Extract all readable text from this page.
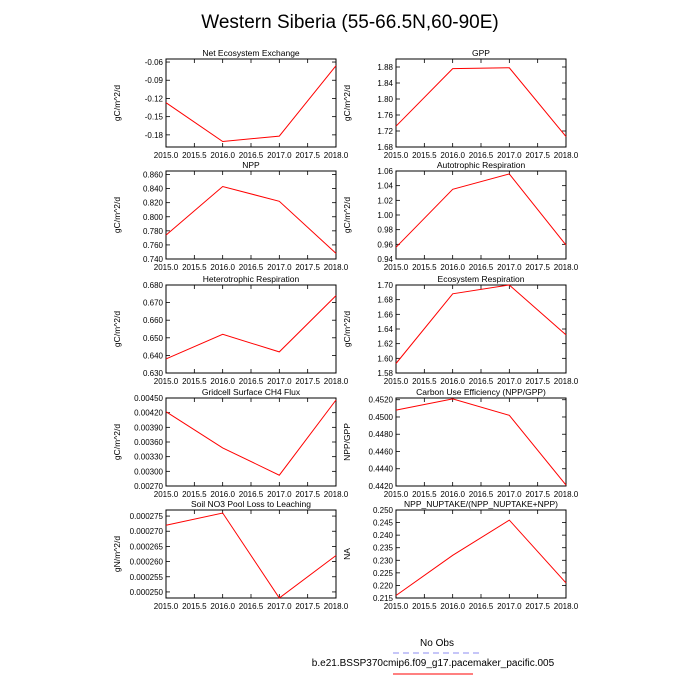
Western Siberia (55-66.5N,60-90E)
Net Ecosystem Exchange
gC/m^2/d
-0.06
-0.09
-0.12
-0.15
-0.18
2015.0 2015.5 2016.0 2016.5 2017.0 2017.5 2018.0
GPP
gC/m^2/d
1.88
1.84
1.80
1.76
1.72
1.68
2015.0 2015.5 2016.0 2016.5 2017.0 2017.5 2018.0
NPP
gC/m^2/d
0.860
0.840
0.820
0.800
0.780
0.760
0.740
2015.0 2015.5 2016.0 2016.5 2017.0 2017.5 2018.0
Autotrophic Respiration
gC/m^2/d
1.06
1.04
1.02
1.00
0.98
0.96
0.94
2015.0 2015.5 2016.0 2016.5 2017.0 2017.5 2018.0
Heterotrophic Respiration
gC/m^2/d
0.680
0.670
0.660
0.650
0.640
0.630
2015.0 2015.5 2016.0 2016.5 2017.0 2017.5 2018.0
Ecosystem Respiration
gC/m^2/d
1.70
1.68
1.66
1.64
1.62
1.60
1.58
2015.0 2015.5 2016.0 2016.5 2017.0 2017.5 2018.0
Gridcell Surface CH4 Flux
gC/m^2/d
0.00450
0.00420
0.00390
0.00360
0.00330
0.00300
0.00270
2015.0 2015.5 2016.0 2016.5 2017.0 2017.5 2018.0
Carbon Use Efficiency (NPP/GPP)
NPP/GPP
0.4520
0.4500
0.4480
0.4460
0.4440
0.4420
2015.0 2015.5 2016.0 2016.5 2017.0 2017.5 2018.0
Soil NO3 Pool Loss to Leaching
gN/m^2/d
0.000275
0.000270
0.000265
0.000260
0.000255
0.000250
2015.0 2015.5 2016.0 2016.5 2017.0 2017.5 2018.0
NPP_NUPTAKE/(NPP_NUPTAKE+NPP)
NA
0.250
0.245
0.240
0.235
0.230
0.225
0.220
0.215
2015.0 2015.5 2016.0 2016.5 2017.0 2017.5 2018.0
No Obs
b.e21.BSSP370cmip6.f09_g17.pacemaker_pacific.005
